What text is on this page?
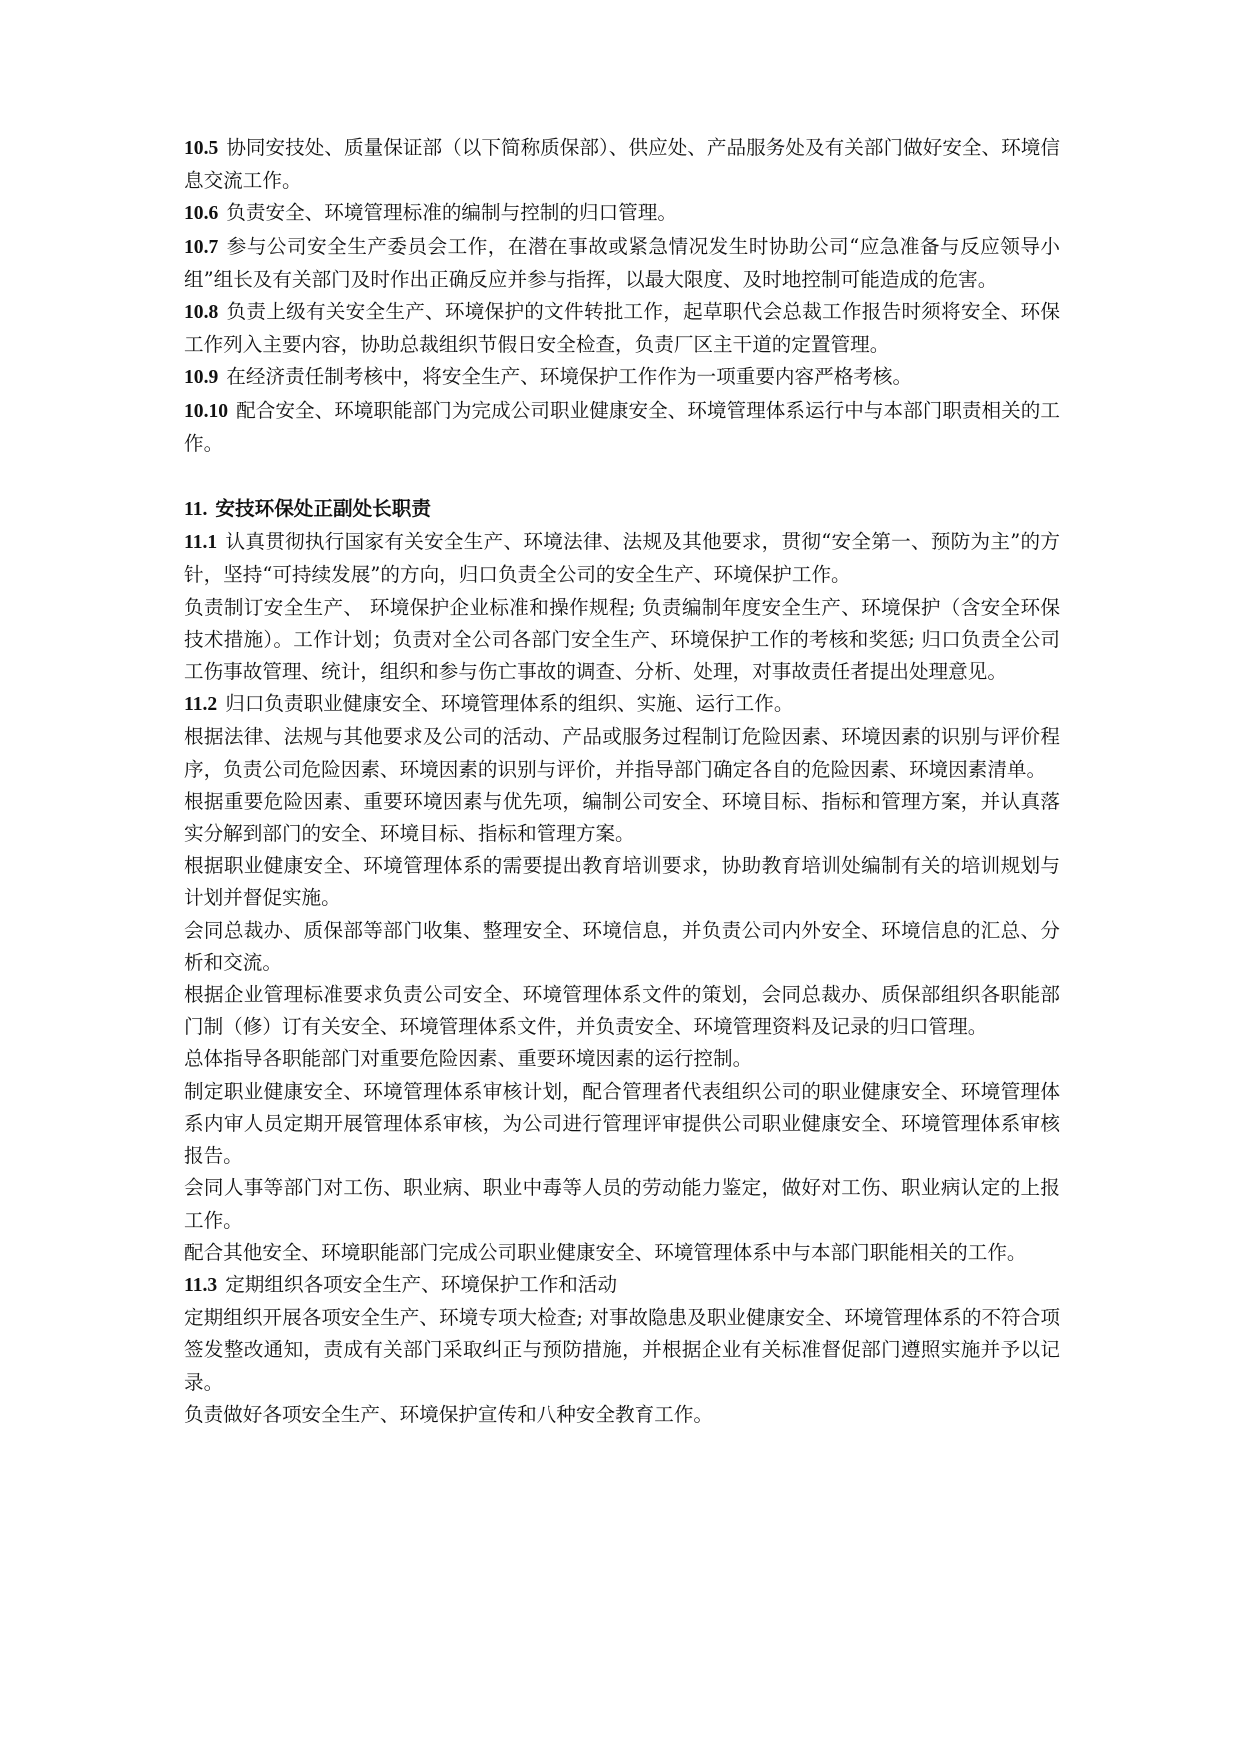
10.5 协同安技处、质量保证部（以下简称质保部）、供应处、产品服务处及有关部门做好安全、环境信息交流工作。

10.6 负责安全、环境管理标准的编制与控制的归口管理。

10.7 参与公司安全生产委员会工作，在潜在事故或紧急情况发生时协助公司“应急准备与反应领导小组”组长及有关部门及时作出正确反应并参与指挥，以最大限度、及时地控制可能造成的危害。

10.8 负责上级有关安全生产、环境保护的文件转批工作，起草职代会总裁工作报告时须将安全、环保工作列入主要内容，协助总裁组织节假日安全检查，负责厂区主干道的定置管理。

10.9 在经济责任制考核中，将安全生产、环境保护工作作为一项重要内容严格考核。

10.10 配合安全、环境职能部门为完成公司职业健康安全、环境管理体系运行中与本部门职责相关的工作。

11. 安技环保处正副处长职责

11.1 认真贯彻执行国家有关安全生产、环境法律、法规及其他要求，贯彻“安全第一、预防为主”的方针，坚持“可持续发展”的方向，归口负责全公司的安全生产、环境保护工作。

负责制订安全生产、 环境保护企业标准和操作规程; 负责编制年度安全生产、环境保护（含安全环保技术措施）。工作计划；负责对全公司各部门安全生产、环境保护工作的考核和奖惩; 归口负责全公司工伤事故管理、统计，组织和参与伤亡事故的调查、分析、处理，对事故责任者提出处理意见。

11.2 归口负责职业健康安全、环境管理体系的组织、实施、运行工作。

根据法律、法规与其他要求及公司的活动、产品或服务过程制订危险因素、环境因素的识别与评价程序，负责公司危险因素、环境因素的识别与评价，并指导部门确定各自的危险因素、环境因素清单。

根据重要危险因素、重要环境因素与优先项，编制公司安全、环境目标、指标和管理方案，并认真落实分解到部门的安全、环境目标、指标和管理方案。

根据职业健康安全、环境管理体系的需要提出教育培训要求，协助教育培训处编制有关的培训规划与计划并督促实施。

会同总裁办、质保部等部门收集、整理安全、环境信息，并负责公司内外安全、环境信息的汇总、分析和交流。

根据企业管理标准要求负责公司安全、环境管理体系文件的策划，会同总裁办、质保部组织各职能部门制（修）订有关安全、环境管理体系文件，并负责安全、环境管理资料及记录的归口管理。

总体指导各职能部门对重要危险因素、重要环境因素的运行控制。

制定职业健康安全、环境管理体系审核计划，配合管理者代表组织公司的职业健康安全、环境管理体系内审人员定期开展管理体系审核，为公司进行管理评审提供公司职业健康安全、环境管理体系审核报告。

会同人事等部门对工伤、职业病、职业中毒等人员的劳动能力鉴定，做好对工伤、职业病认定的上报工作。

配合其他安全、环境职能部门完成公司职业健康安全、环境管理体系中与本部门职能相关的工作。

11.3 定期组织各项安全生产、环境保护工作和活动

定期组织开展各项安全生产、环境专项大检查; 对事故隐患及职业健康安全、环境管理体系的不符合项签发整改通知，责成有关部门采取纠正与预防措施，并根据企业有关标准督促部门遵照实施并予以记录。

负责做好各项安全生产、环境保护宣传和八种安全教育工作。
